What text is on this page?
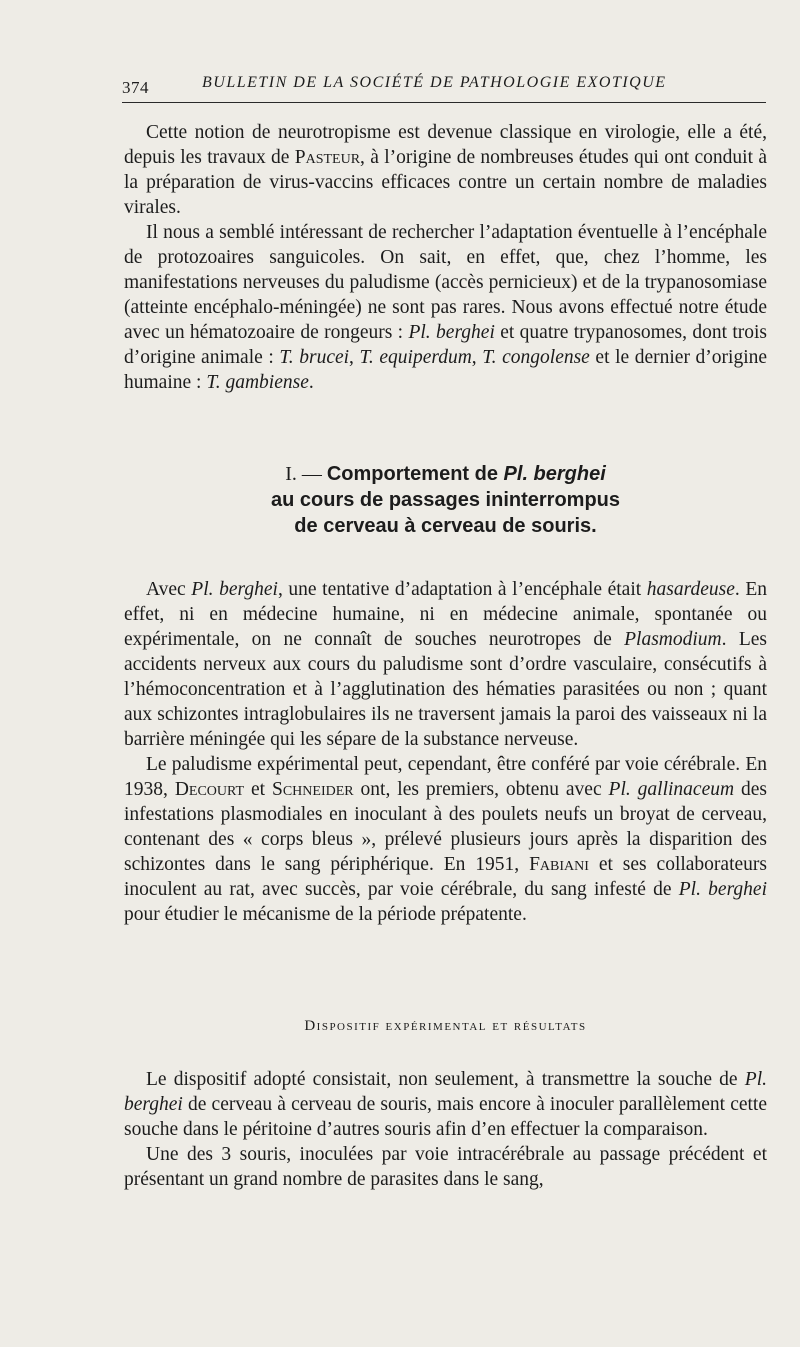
374	BULLETIN DE LA SOCIÉTÉ DE PATHOLOGIE EXOTIQUE

Cette notion de neurotropisme est devenue classique en virologie, elle a été, depuis les travaux de Pasteur, à l’origine de nombreuses études qui ont conduit à la préparation de virus-vaccins efficaces contre un certain nombre de maladies virales.

Il nous a semblé intéressant de rechercher l’adaptation éventuelle à l’encéphale de protozoaires sanguicoles. On sait, en effet, que, chez l’homme, les manifestations nerveuses du paludisme (accès pernicieux) et de la trypanosomiase (atteinte encéphalo-méningée) ne sont pas rares. Nous avons effectué notre étude avec un hématozoaire de rongeurs : Pl. berghei et quatre trypanosomes, dont trois d’origine animale : T. brucei, T. equiperdum, T. congolense et le dernier d’origine humaine : T. gambiense.

I. — Comportement de Pl. berghei
au cours de passages ininterrompus
de cerveau à cerveau de souris.

Avec Pl. berghei, une tentative d’adaptation à l’encéphale était hasardeuse. En effet, ni en médecine humaine, ni en médecine animale, spontanée ou expérimentale, on ne connaît de souches neurotropes de Plasmodium. Les accidents nerveux aux cours du paludisme sont d’ordre vasculaire, consécutifs à l’hémoconcentration et à l’agglutination des hématies parasitées ou non ; quant aux schizontes intraglobulaires ils ne traversent jamais la paroi des vaisseaux ni la barrière méningée qui les sépare de la substance nerveuse.

Le paludisme expérimental peut, cependant, être conféré par voie cérébrale. En 1938, Decourt et Schneider ont, les premiers, obtenu avec Pl. gallinaceum des infestations plasmodiales en inoculant à des poulets neufs un broyat de cerveau, contenant des « corps bleus », prélevé plusieurs jours après la disparition des schizontes dans le sang périphérique. En 1951, Fabiani et ses collaborateurs inoculent au rat, avec succès, par voie cérébrale, du sang infesté de Pl. berghei pour étudier le mécanisme de la période prépatente.

Dispositif expérimental et résultats

Le dispositif adopté consistait, non seulement, à transmettre la souche de Pl. berghei de cerveau à cerveau de souris, mais encore à inoculer parallèlement cette souche dans le péritoine d’autres souris afin d’en effectuer la comparaison.

Une des 3 souris, inoculées par voie intracérébrale au passage précédent et présentant un grand nombre de parasites dans le sang,
